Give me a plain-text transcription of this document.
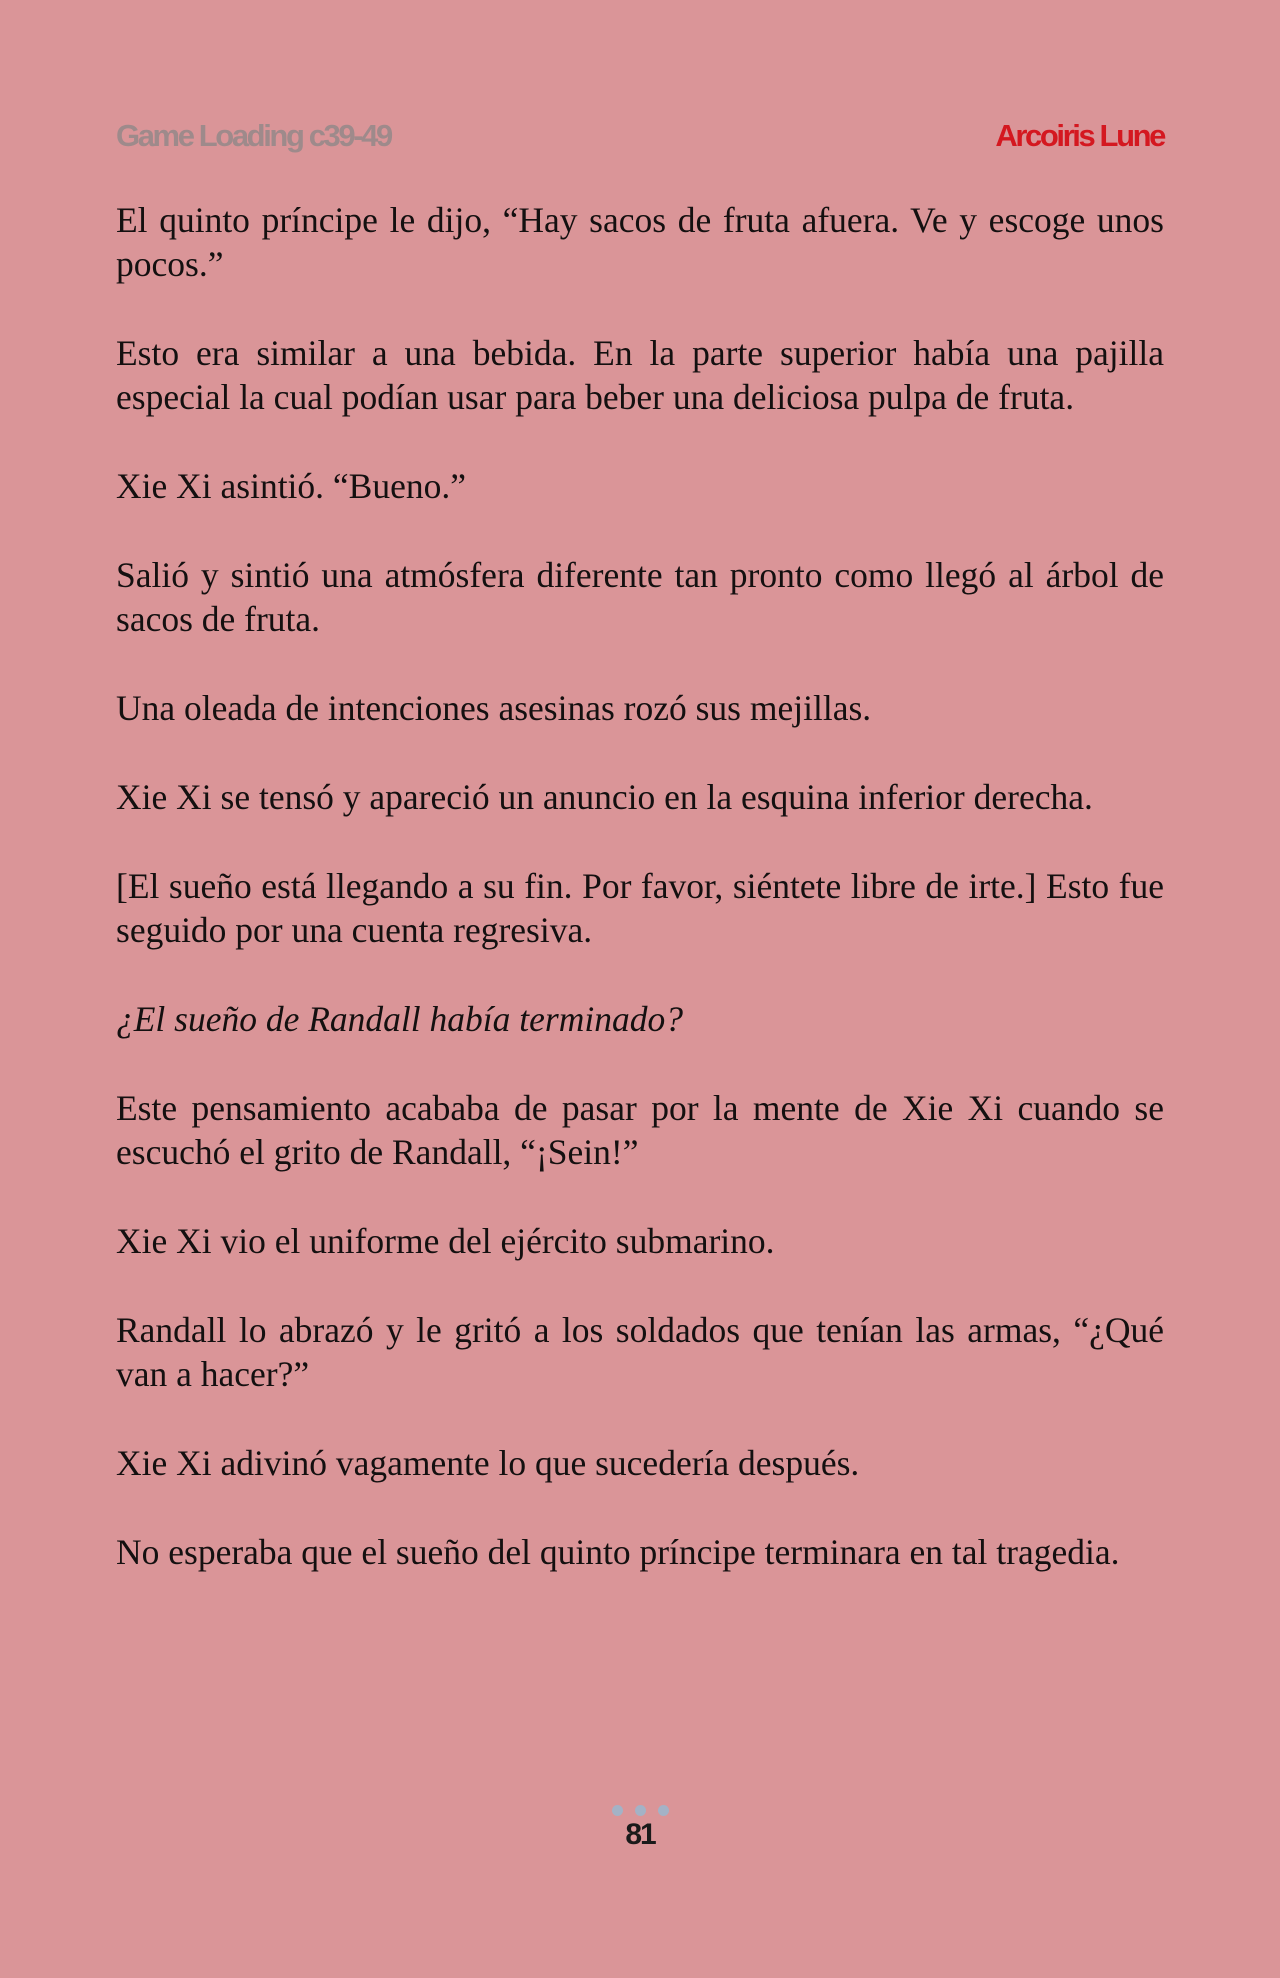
Game Loading c39-49	Arcoiris Lune

El quinto príncipe le dijo, “Hay sacos de fruta afuera. Ve y escoge unos pocos.”

Esto era similar a una bebida. En la parte superior había una pajilla especial la cual podían usar para beber una deliciosa pulpa de fruta.

Xie Xi asintió. “Bueno.”

Salió y sintió una atmósfera diferente tan pronto como llegó al árbol de sacos de fruta.

Una oleada de intenciones asesinas rozó sus mejillas.

Xie Xi se tensó y apareció un anuncio en la esquina inferior derecha.

[El sueño está llegando a su fin. Por favor, siéntete libre de irte.] Esto fue seguido por una cuenta regresiva.

¿El sueño de Randall había terminado?

Este pensamiento acababa de pasar por la mente de Xie Xi cuando se escuchó el grito de Randall, “¡Sein!”

Xie Xi vio el uniforme del ejército submarino.

Randall lo abrazó y le gritó a los soldados que tenían las armas, “¿Qué van a hacer?”

Xie Xi adivinó vagamente lo que sucedería después.

No esperaba que el sueño del quinto príncipe terminara en tal tragedia.

81
